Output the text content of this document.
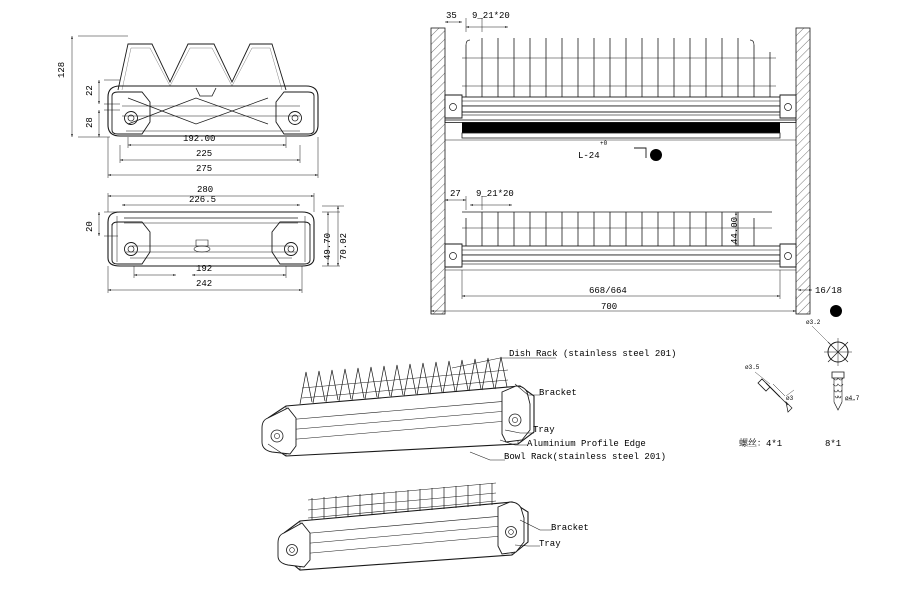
128
22
28
192.00
225
275
280
226.5
20
192
242
49.70 70.02
35 9_21*20
27 9_21*20
44.00
668/664
700
16/18
L-24
+0
Dish Rack (stainless steel 201)
Bracket
Tray
Aluminium Profile Edge
Bowl Rack(stainless steel 201)
Bracket
Tray
螺丝：4*1	8*1
ø3
ø3.5
ø4.7
ø3.2
